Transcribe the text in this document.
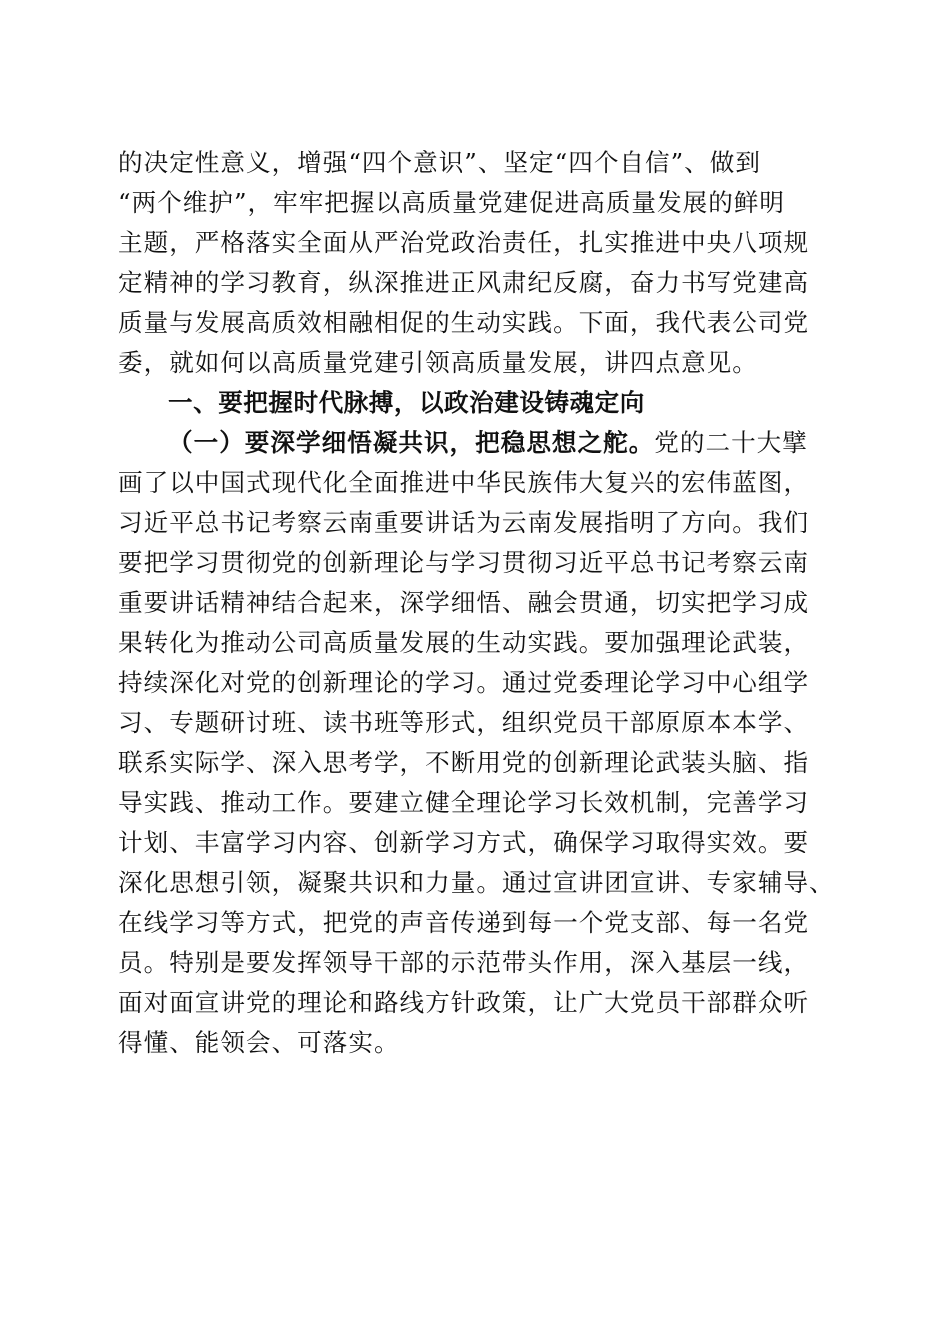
的决定性意义，增强“四个意识”、坚定“四个自信”、做到
“两个维护”，牢牢把握以高质量党建促进高质量发展的鲜明
主题，严格落实全面从严治党政治责任，扎实推进中央八项规
定精神的学习教育，纵深推进正风肃纪反腐，奋力书写党建高
质量与发展高质效相融相促的生动实践。下面，我代表公司党
委，就如何以高质量党建引领高质量发展，讲四点意见。
一、要把握时代脉搏，以政治建设铸魂定向
（一）要深学细悟凝共识，把稳思想之舵。党的二十大擘
画了以中国式现代化全面推进中华民族伟大复兴的宏伟蓝图，
习近平总书记考察云南重要讲话为云南发展指明了方向。我们
要把学习贯彻党的创新理论与学习贯彻习近平总书记考察云南
重要讲话精神结合起来，深学细悟、融会贯通，切实把学习成
果转化为推动公司高质量发展的生动实践。要加强理论武装，
持续深化对党的创新理论的学习。通过党委理论学习中心组学
习、专题研讨班、读书班等形式，组织党员干部原原本本学、
联系实际学、深入思考学，不断用党的创新理论武装头脑、指
导实践、推动工作。要建立健全理论学习长效机制，完善学习
计划、丰富学习内容、创新学习方式，确保学习取得实效。要
深化思想引领，凝聚共识和力量。通过宣讲团宣讲、专家辅导、
在线学习等方式，把党的声音传递到每一个党支部、每一名党
员。特别是要发挥领导干部的示范带头作用，深入基层一线，
面对面宣讲党的理论和路线方针政策，让广大党员干部群众听
得懂、能领会、可落实。
